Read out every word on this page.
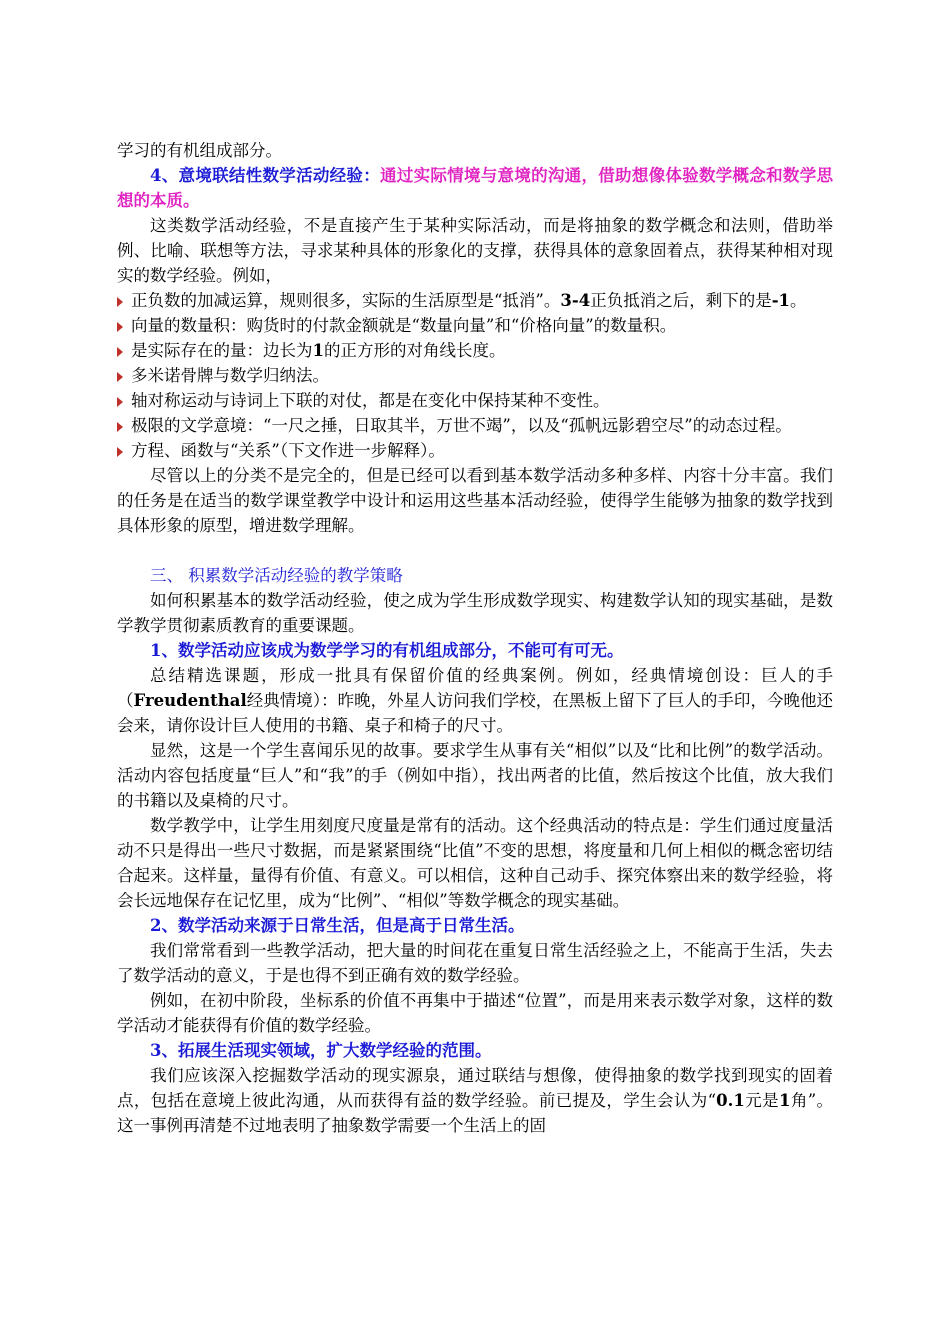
学习的有机组成部分。

4、意境联结性数学活动经验：通过实际情境与意境的沟通，借助想像体验数学概念和数学思想的本质。

这类数学活动经验，不是直接产生于某种实际活动，而是将抽象的数学概念和法则，借助举例、比喻、联想等方法，寻求某种具体的形象化的支撑，获得具体的意象固着点，获得某种相对现实的数学经验。例如，

正负数的加减运算，规则很多，实际的生活原型是“抵消”。3-4正负抵消之后，剩下的是-1。
向量的数量积：购货时的付款金额就是“数量向量”和“价格向量”的数量积。
是实际存在的量：边长为1的正方形的对角线长度。
多米诺骨牌与数学归纳法。
轴对称运动与诗词上下联的对仗，都是在变化中保持某种不变性。
极限的文学意境：“一尺之捶，日取其半，万世不竭”，以及“孤帆远影碧空尽”的动态过程。
方程、函数与“关系”（下文作进一步解释）。

尽管以上的分类不是完全的，但是已经可以看到基本数学活动多种多样、内容十分丰富。我们的任务是在适当的数学课堂教学中设计和运用这些基本活动经验，使得学生能够为抽象的数学找到具体形象的原型，增进数学理解。

三、 积累数学活动经验的教学策略

如何积累基本的数学活动经验，使之成为学生形成数学现实、构建数学认知的现实基础，是数学教学贯彻素质教育的重要课题。

1、数学活动应该成为数学学习的有机组成部分，不能可有可无。

总结精选课题，形成一批具有保留价值的经典案例。例如，经典情境创设：巨人的手（Freudenthal经典情境）：昨晚，外星人访问我们学校，在黑板上留下了巨人的手印，今晚他还会来，请你设计巨人使用的书籍、桌子和椅子的尺寸。

显然，这是一个学生喜闻乐见的故事。要求学生从事有关“相似”以及“比和比例”的数学活动。活动内容包括度量“巨人”和“我”的手（例如中指），找出两者的比值，然后按这个比值，放大我们的书籍以及桌椅的尺寸。

数学教学中，让学生用刻度尺度量是常有的活动。这个经典活动的特点是：学生们通过度量活动不只是得出一些尺寸数据，而是紧紧围绕“比值”不变的思想，将度量和几何上相似的概念密切结合起来。这样量，量得有价值、有意义。可以相信，这种自己动手、探究体察出来的数学经验，将会长远地保存在记忆里，成为“比例”、“相似”等数学概念的现实基础。

2、数学活动来源于日常生活，但是高于日常生活。

我们常常看到一些教学活动，把大量的时间花在重复日常生活经验之上，不能高于生活，失去了数学活动的意义，于是也得不到正确有效的数学经验。

例如，在初中阶段，坐标系的价值不再集中于描述“位置”，而是用来表示数学对象，这样的数学活动才能获得有价值的数学经验。

3、拓展生活现实领域，扩大数学经验的范围。

我们应该深入挖掘数学活动的现实源泉，通过联结与想像，使得抽象的数学找到现实的固着点，包括在意境上彼此沟通，从而获得有益的数学经验。前已提及，学生会认为“0.1元是1角”。这一事例再清楚不过地表明了抽象数学需要一个生活上的固
